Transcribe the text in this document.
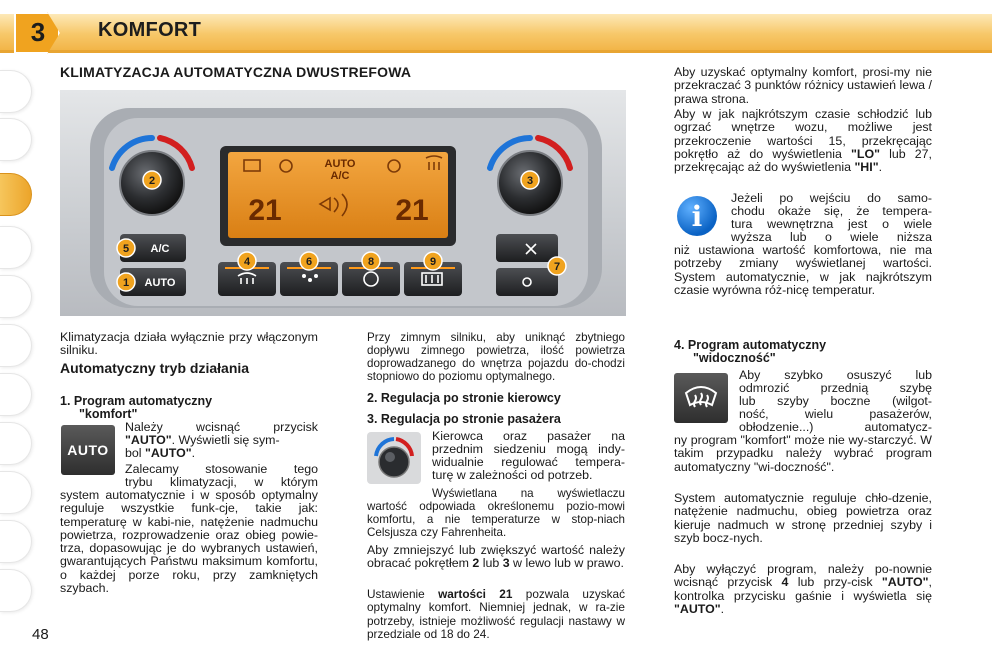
3	KOMFORT
KLIMATYZACJA AUTOMATYCZNA DWUSTREFOWA
2	3
5
1
4	6	8	9	7
AUTO
A/C
21	21
A/C
AUTO
Klimatyzacja działa wyłącznie przy włączonym silniku.
Automatyczny tryb działania
1. Program automatyczny
"komfort"
AUTO
Należy wcisnąć przycisk
"AUTO". Wyświetli się sym-
bol "AUTO".
Zalecamy stosowanie tego
trybu klimatyzacji, w którym
system automatycznie i w sposób optymalny reguluje wszystkie funk-cje, takie jak: temperaturę w kabi-nie, natężenie nadmuchu powietrza, rozprowadzenie oraz obieg powie-trza, dopasowując je do wybranych ustawień, gwarantujących Państwu maksimum komfortu, o każdej porze roku, przy zamkniętych szybach.
48
Przy zimnym silniku, aby uniknąć zbytniego dopływu zimnego powietrza, ilość powietrza doprowadzanego do wnętrza pojazdu do-chodzi stopniowo do poziomu optymalnego.
2. Regulacja po stronie kierowcy
3. Regulacja po stronie pasażera
Kierowca oraz pasażer na
przednim siedzeniu mogą indy-
widualnie regulować tempera-
turę w zależności od potrzeb.
Wyświetlana na wyświetlaczu
wartość odpowiada określonemu pozio-mowi komfortu, a nie temperaturze w stop-niach Celsjusza czy Fahrenheita.
Aby zmniejszyć lub zwiększyć wartość należy obracać pokrętłem 2 lub 3 w lewo lub w prawo.
Ustawienie wartości 21 pozwala uzyskać optymalny komfort. Niemniej jednak, w ra-zie potrzeby, istnieje możliwość regulacji nastawy w przedziale od 18 do 24.
Aby uzyskać optymalny komfort, prosi-my nie przekraczać 3 punktów różnicy ustawień lewa / prawa strona.
Aby w jak najkrótszym czasie schłodzić lub ogrzać wnętrze wozu, możliwe jest przekroczenie wartości 15, przekręcając pokrętło aż do wyświetlenia "LO" lub 27, przekręcając aż do wyświetlenia "HI".
i
Jeżeli po wejściu do samo-
chodu okaże się, że tempera-
tura wewnętrzna jest o wiele
wyższa lub o wiele niższa
niż ustawiona wartość komfortowa, nie ma potrzeby zmiany wyświetlanej wartości. System automatycznie, w jak najkrótszym czasie wyrówna róż-nicę temperatur.
4. Program automatyczny
"widoczność"
Aby szybko osuszyć lub
odmrozić przednią szybę
lub szyby boczne (wilgot-
ność, wielu pasażerów,
obłodzenie...) automatycz-
ny program "komfort" może nie wy-starczyć. W takim przypadku należy wybrać program automatyczny "wi-doczność".
System automatycznie reguluje chło-dzenie, natężenie nadmuchu, obieg powietrza oraz kieruje nadmuch w stronę przedniej szyby i szyb bocz-nych.
Aby wyłączyć program, należy po-nownie wcisnąć przycisk 4 lub przy-cisk "AUTO", kontrolka przycisku gaśnie i wyświetla się "AUTO".
